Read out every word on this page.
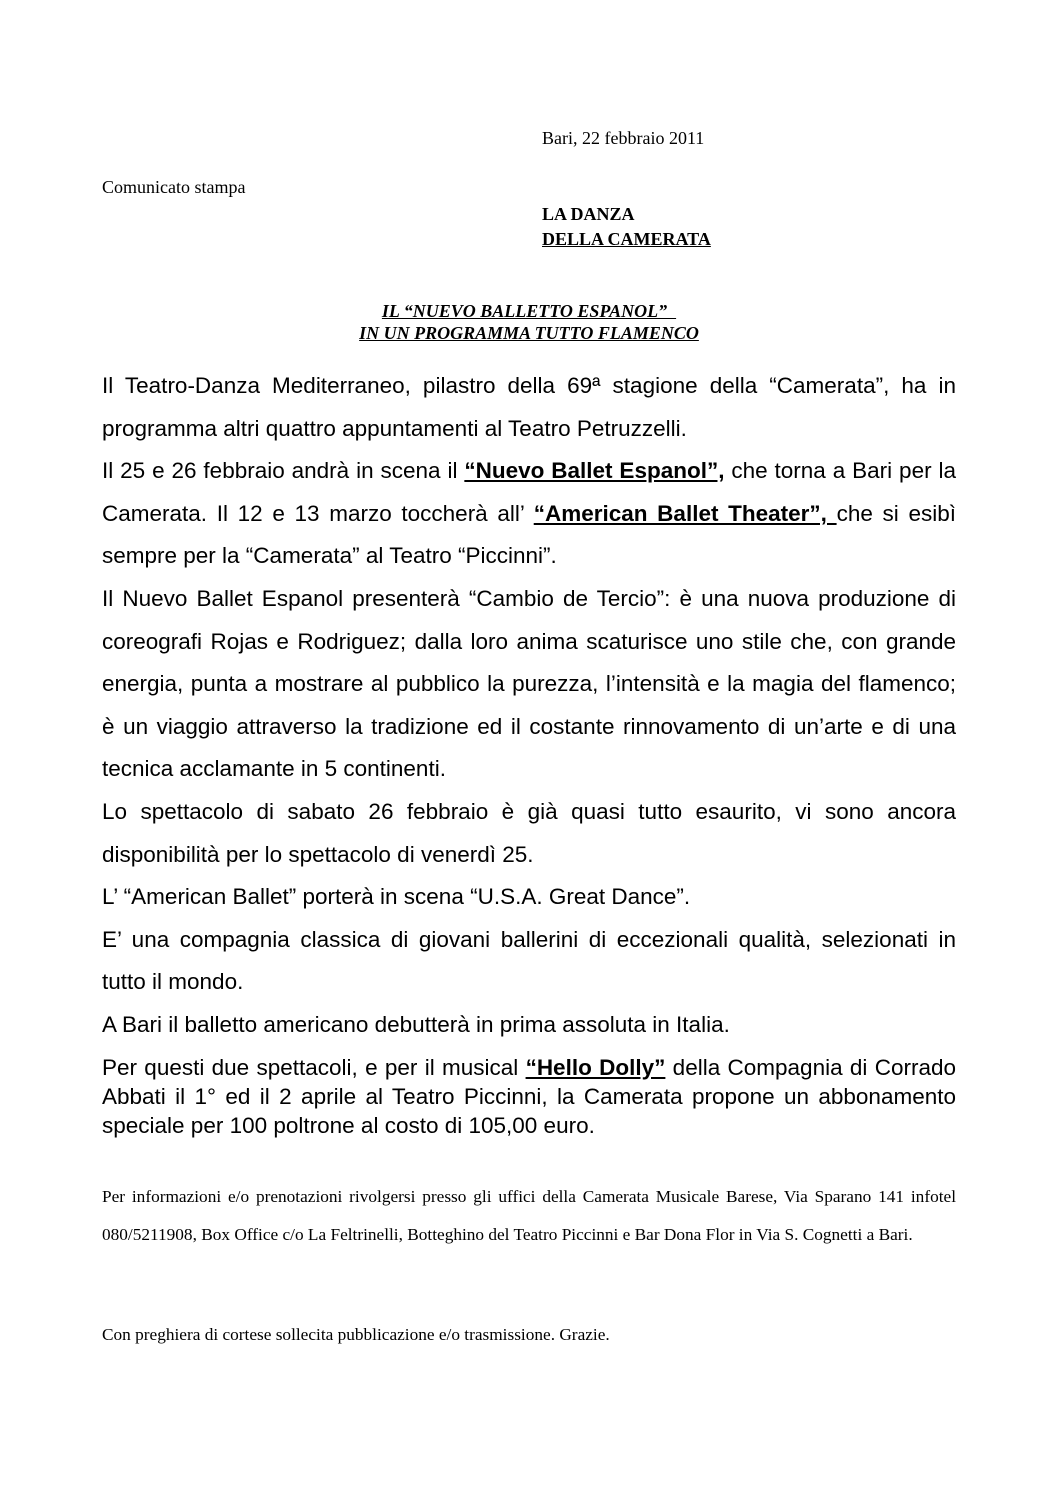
Bari, 22 febbraio 2011
Comunicato stampa
LA DANZA
DELLA CAMERATA
IL “NUEVO BALLETTO ESPANOL”
IN UN PROGRAMMA TUTTO FLAMENCO

Il Teatro-Danza Mediterraneo, pilastro della 69ª stagione della “Camerata”, ha in programma altri quattro appuntamenti al Teatro Petruzzelli.

Il 25 e 26 febbraio andrà in scena il “Nuevo Ballet Espanol”, che torna a Bari per la Camerata. Il 12 e 13 marzo toccherà all’ “American Ballet Theater”, che si esibì sempre per la “Camerata” al Teatro “Piccinni”.

Il Nuevo Ballet Espanol presenterà “Cambio de Tercio”: è una nuova produzione di coreografi Rojas e Rodriguez; dalla loro anima scaturisce uno stile che, con grande energia, punta a mostrare al pubblico la purezza, l’intensità e la magia del flamenco; è un viaggio attraverso la tradizione ed il costante rinnovamento di un’arte e di una tecnica acclamante in 5 continenti.

Lo spettacolo di sabato 26 febbraio è già quasi tutto esaurito, vi sono ancora disponibilità per lo spettacolo di venerdì 25.

L’ “American Ballet” porterà in scena “U.S.A. Great Dance”.

E’ una compagnia classica di giovani ballerini di eccezionali qualità, selezionati in tutto il mondo.

A Bari il balletto americano debutterà in prima assoluta in Italia.

Per questi due spettacoli, e per il musical “Hello Dolly” della Compagnia di Corrado Abbati il 1° ed il 2 aprile al Teatro Piccinni, la Camerata propone un abbonamento speciale per 100 poltrone al costo di 105,00 euro.

Per informazioni e/o prenotazioni rivolgersi presso gli uffici della Camerata Musicale Barese, Via Sparano 141 infotel 080/5211908, Box Office c/o La Feltrinelli, Botteghino del Teatro Piccinni e Bar Dona Flor in Via S. Cognetti a Bari.
Con preghiera di cortese sollecita pubblicazione e/o trasmissione. Grazie.
